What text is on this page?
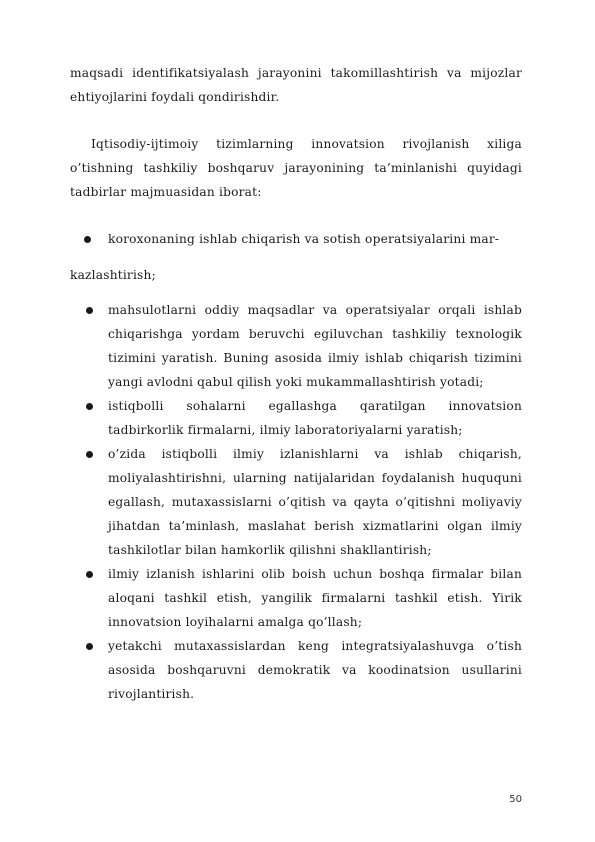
maqsadi identifikatsiyalash jarayonini takomillashtirish va mijozlar ehtiyojlarini foydali qondirishdir.

Iqtisodiy-ijtimoiy tizimlarning innovatsion rivojlanish xiliga o’tishning tashkiliy boshqaruv jarayonining ta’minlanishi quyidagi tadbirlar majmuasidan iborat:

koroxonaning ishlab chiqarish va sotish operatsiyalarini mar-
kazlashtirish;
mahsulotlarni oddiy maqsadlar va operatsiyalar orqali ishlab chiqarishga yordam beruvchi egiluvchan tashkiliy texnologik tizimini yaratish. Buning asosida ilmiy ishlab chiqarish tizimini yangi avlodni qabul qilish yoki mukammallashtirish yotadi;
istiqbolli sohalarni egallashga qaratilgan innovatsion tadbirkorlik firmalarni, ilmiy laboratoriyalarni yaratish;
o’zida istiqbolli ilmiy izlanishlarni va ishlab chiqarish, moliyalashtirishni, ularning natijalaridan foydalanish huququni egallash, mutaxassislarni o’qitish va qayta o’qitishni moliyaviy jihatdan ta’minlash, maslahat berish xizmatlarini olgan ilmiy tashkilotlar bilan hamkorlik qilishni shakllantirish;
ilmiy izlanish ishlarini olib boish uchun boshqa firmalar bilan aloqani tashkil etish, yangilik firmalarni tashkil etish. Yirik innovatsion loyihalarni amalga qo’llash;
yetakchi mutaxassislardan keng integratsiyalashuvga o’tish asosida boshqaruvni demokratik va koodinatsion usullarini rivojlantirish.
50
